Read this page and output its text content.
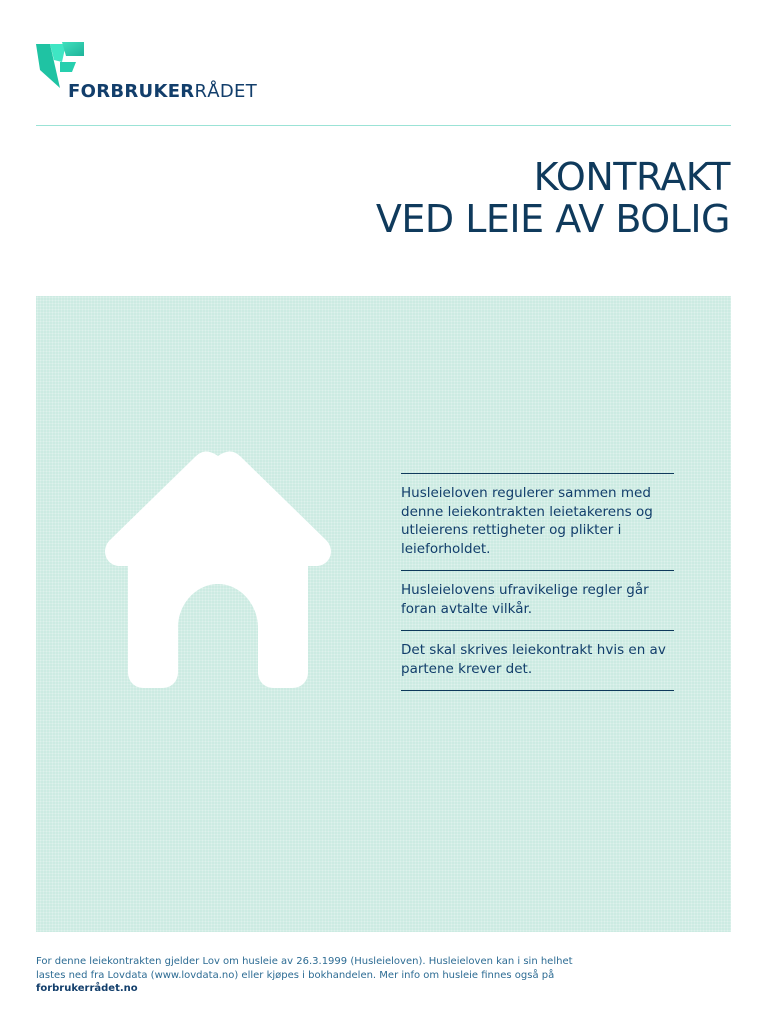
FORBRUKERRÅDET
KONTRAKT
VED LEIE AV BOLIG

Husleieloven regulerer sammen med denne leiekontrakten leietakerens og utleierens rettigheter og plikter i leieforholdet.

Husleielovens ufravikelige regler går foran avtalte vilkår.

Det skal skrives leiekontrakt hvis en av partene krever det.

For denne leiekontrakten gjelder Lov om husleie av 26.3.1999 (Husleieloven). Husleieloven kan i sin helhet lastes ned fra Lovdata (www.lovdata.no) eller kjøpes i bokhandelen. Mer info om husleie finnes også på forbrukerrådet.no
